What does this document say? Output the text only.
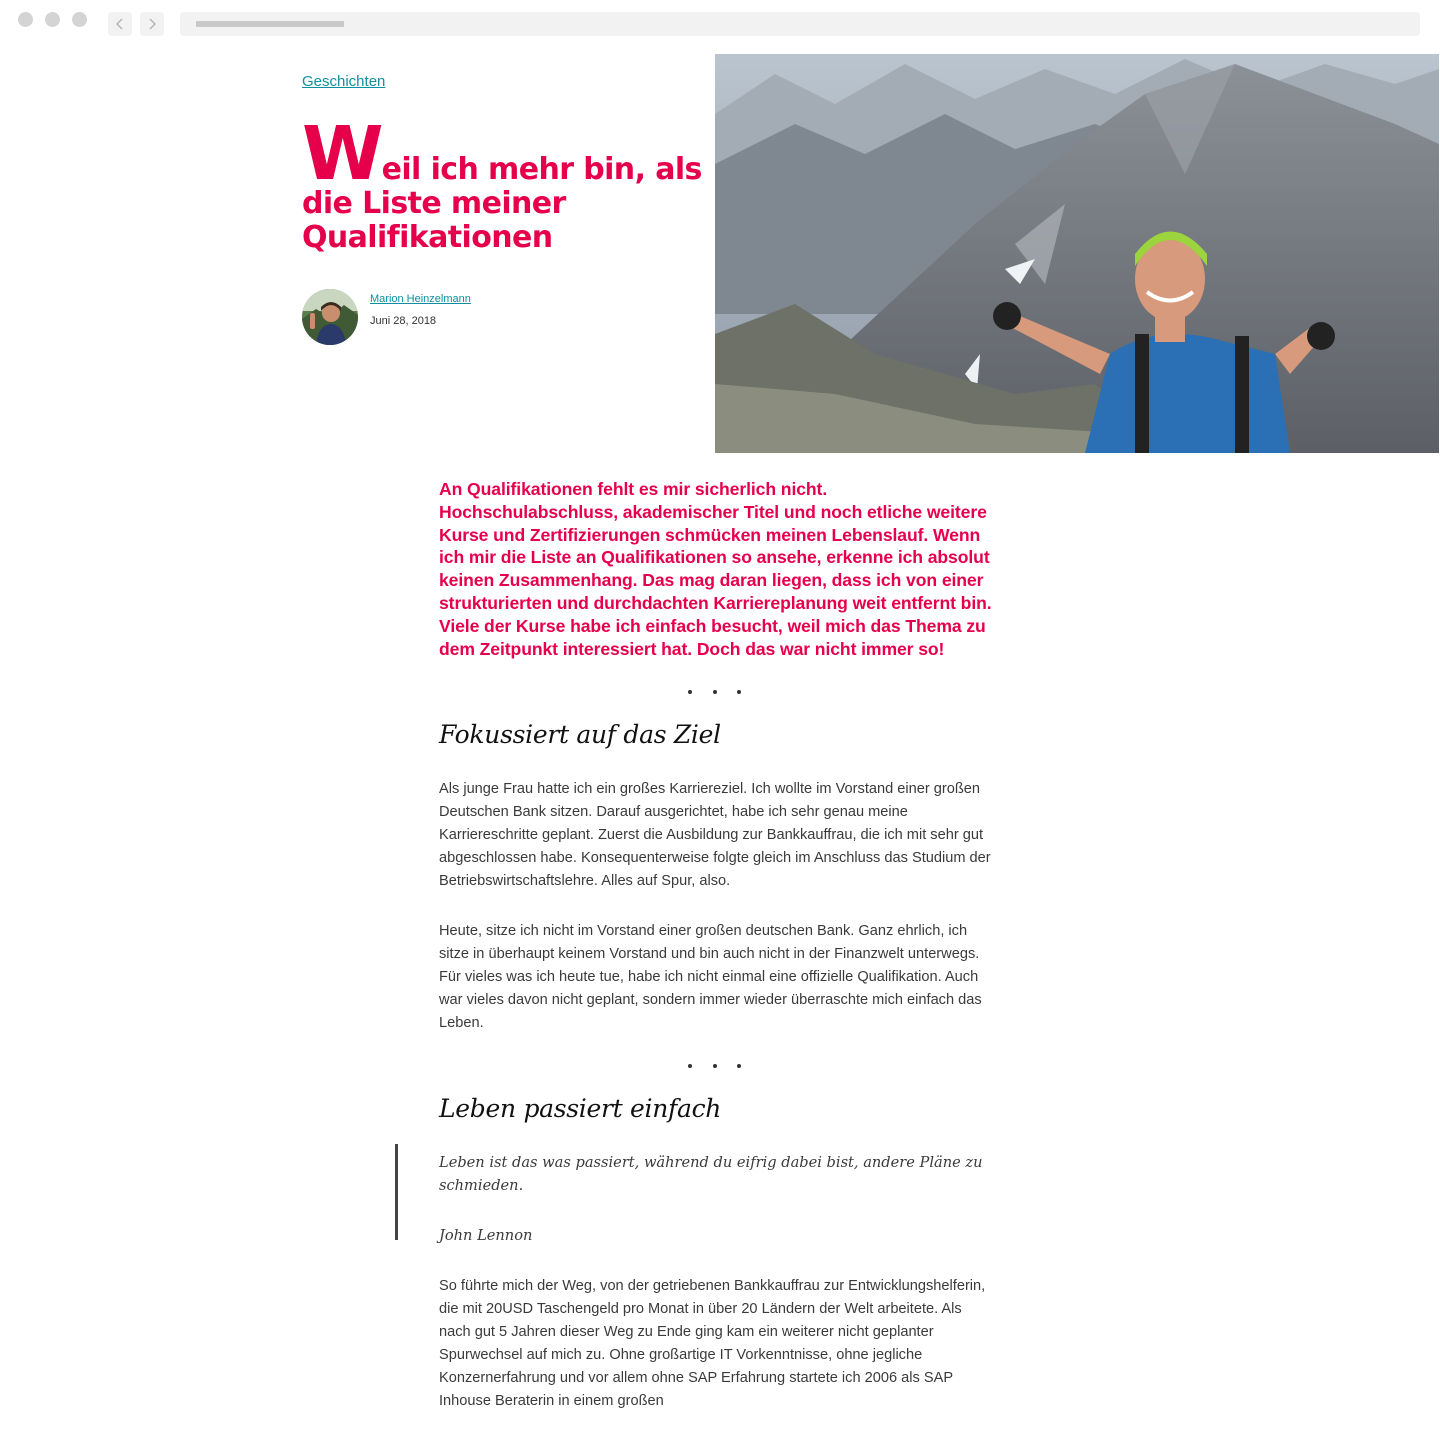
Geschichten
Weil ich mehr bin, als die Liste meiner Qualifikationen
Marion Heinzelmann
Juni 28, 2018

An Qualifikationen fehlt es mir sicherlich nicht. Hochschulabschluss, akademischer Titel und noch etliche weitere Kurse und Zertifizierungen schmücken meinen Lebenslauf. Wenn ich mir die Liste an Qualifikationen so ansehe, erkenne ich absolut keinen Zusammenhang. Das mag daran liegen, dass ich von einer strukturierten und durchdachten Karriereplanung weit entfernt bin. Viele der Kurse habe ich einfach besucht, weil mich das Thema zu dem Zeitpunkt interessiert hat. Doch das war nicht immer so!

Fokussiert auf das Ziel

Als junge Frau hatte ich ein großes Karriereziel. Ich wollte im Vorstand einer großen Deutschen Bank sitzen. Darauf ausgerichtet, habe ich sehr genau meine Karriereschritte geplant. Zuerst die Ausbildung zur Bankkauffrau, die ich mit sehr gut abgeschlossen habe. Konsequenterweise folgte gleich im Anschluss das Studium der Betriebswirtschaftslehre. Alles auf Spur, also.

Heute, sitze ich nicht im Vorstand einer großen deutschen Bank. Ganz ehrlich, ich sitze in überhaupt keinem Vorstand und bin auch nicht in der Finanzwelt unterwegs. Für vieles was ich heute tue, habe ich nicht einmal eine offizielle Qualifikation. Auch war vieles davon nicht geplant, sondern immer wieder überraschte mich einfach das Leben.

Leben passiert einfach

Leben ist das was passiert, während du eifrig dabei bist, andere Pläne zu schmieden.

John Lennon

So führte mich der Weg, von der getriebenen Bankkauffrau zur Entwicklungshelferin, die mit 20USD Taschengeld pro Monat in über 20 Ländern der Welt arbeitete. Als nach gut 5 Jahren dieser Weg zu Ende ging kam ein weiterer nicht geplanter Spurwechsel auf mich zu. Ohne großartige IT Vorkenntnisse, ohne jegliche Konzernerfahrung und vor allem ohne SAP Erfahrung startete ich 2006 als SAP Inhouse Beraterin in einem großen
